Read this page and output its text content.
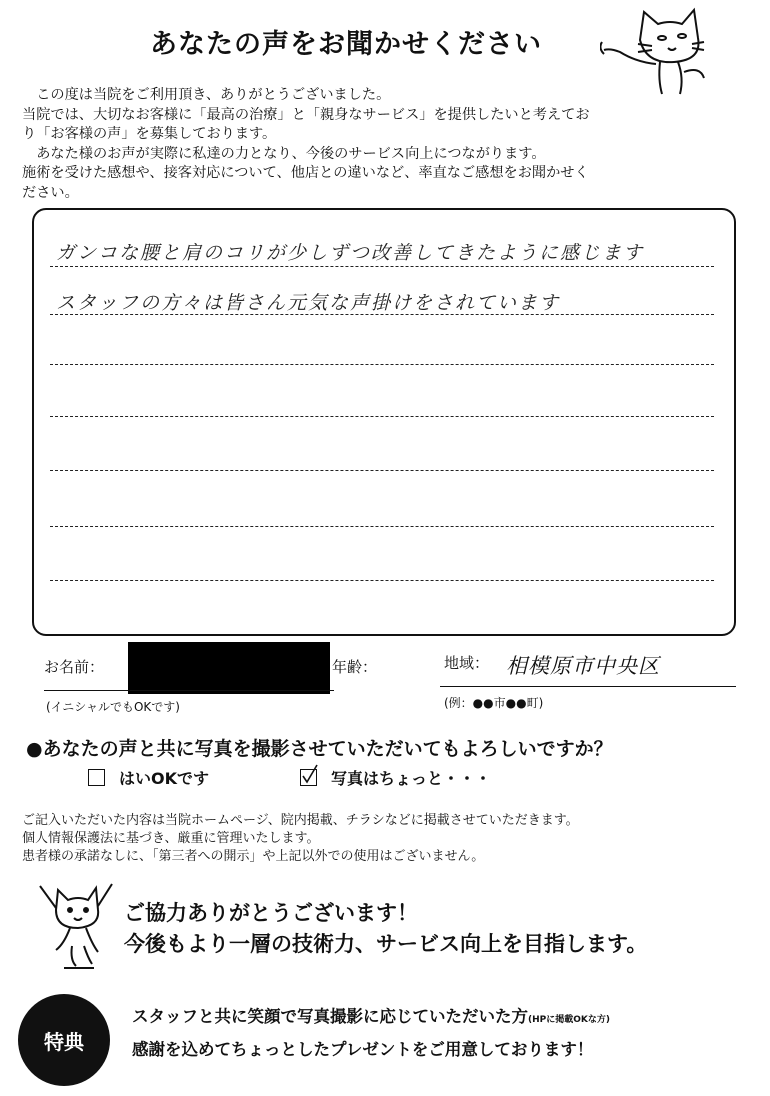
あなたの声をお聞かせください

　この度は当院をご利用頂き、ありがとうございました。

当院では、大切なお客様に「最高の治療」と「親身なサービス」を提供したいと考えてお

り「お客様の声」を募集しております。

　あなた様のお声が実際に私達の力となり、今後のサービス向上につながります。

施術を受けた感想や、接客対応について、他店との違いなど、率直なご感想をお聞かせく

ださい。

ガンコな腰と肩のコリが少しずつ改善してきたように感じます
スタッフの方々は皆さん元気な声掛けをされています
お名前：	年齢：	地域： 相模原市中央区
(イニシャルでもOKです)	(例：●●市●●町)
●あなたの声と共に写真を撮影させていただいてもよろしいですか？
はいOKです	写真はちょっと・・・

ご記入いただいた内容は当院ホームページ、院内掲載、チラシなどに掲載させていただきます。

個人情報保護法に基づき、厳重に管理いたします。

患者様の承諾なしに、「第三者への開示」や上記以外での使用はございません。

ご協力ありがとうございます！
今後もより一層の技術力、サービス向上を目指します。
特典
スタッフと共に笑顔で写真撮影に応じていただいた方(HPに掲載OKな方)
感謝を込めてちょっとしたプレゼントをご用意しております！
